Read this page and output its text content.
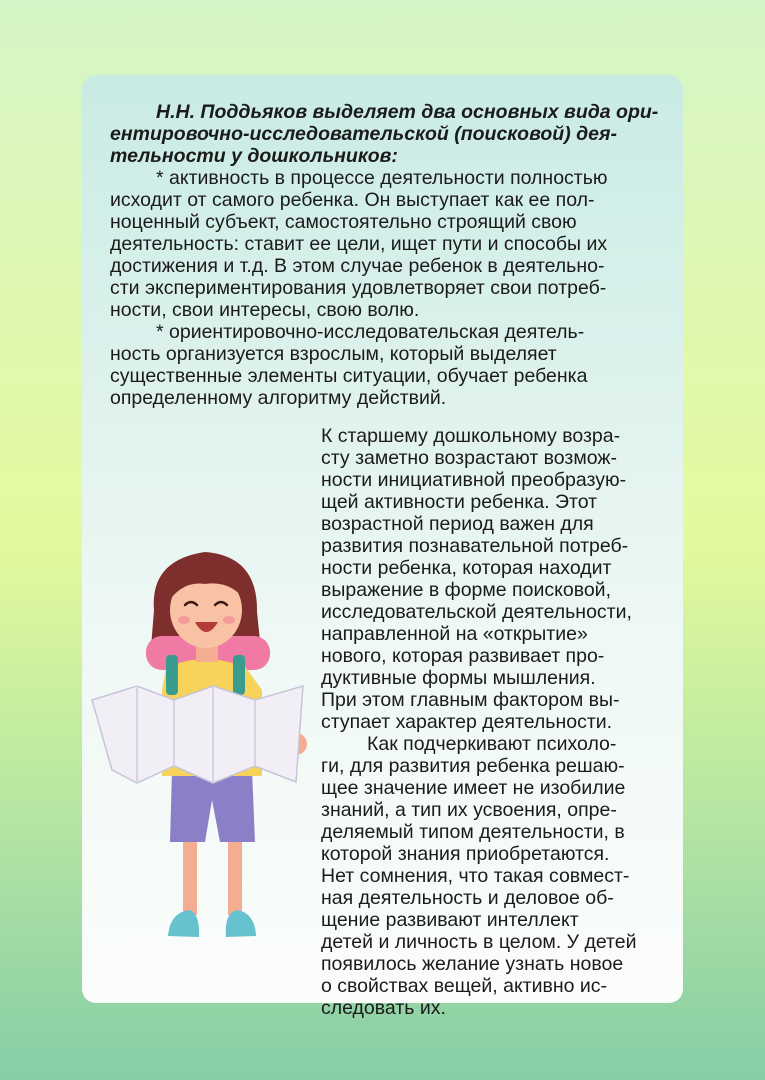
Н.Н. Поддьяков выделяет два основных вида ори-
ентировочно-исследовательской (поисковой) дея-
тельности у дошкольников:
* активность в процессе деятельности полностью
исходит от самого ребенка. Он выступает как ее пол-
ноценный субъект, самостоятельно строящий свою
деятельность: ставит ее цели, ищет пути и способы их
достижения и т.д. В этом случае ребенок в деятельно-
сти экспериментирования удовлетворяет свои потреб-
ности, свои интересы, свою волю.
* ориентировочно-исследовательская деятель-
ность организуется взрослым, который выделяет
существенные элементы ситуации, обучает ребенка
определенному алгоритму действий.
К старшему дошкольному возра-
сту заметно возрастают возмож-
ности инициативной преобразую-
щей активности ребенка. Этот
возрастной период важен для
развития познавательной потреб-
ности ребенка, которая находит
выражение в форме поисковой,
исследовательской деятельности,
направленной на «открытие»
нового, которая развивает про-
дуктивные формы мышления.
При этом главным фактором вы-
ступает характер деятельности.
Как подчеркивают психоло-
ги, для развития ребенка решаю-
щее значение имеет не изобилие
знаний, а тип их усвоения, опре-
деляемый типом деятельности, в
которой знания приобретаются.
Нет сомнения, что такая совмест-
ная деятельность и деловое об-
щение развивают интеллект
детей и личность в целом. У детей
появилось желание узнать новое
о свойствах вещей, активно ис-
следовать их.
